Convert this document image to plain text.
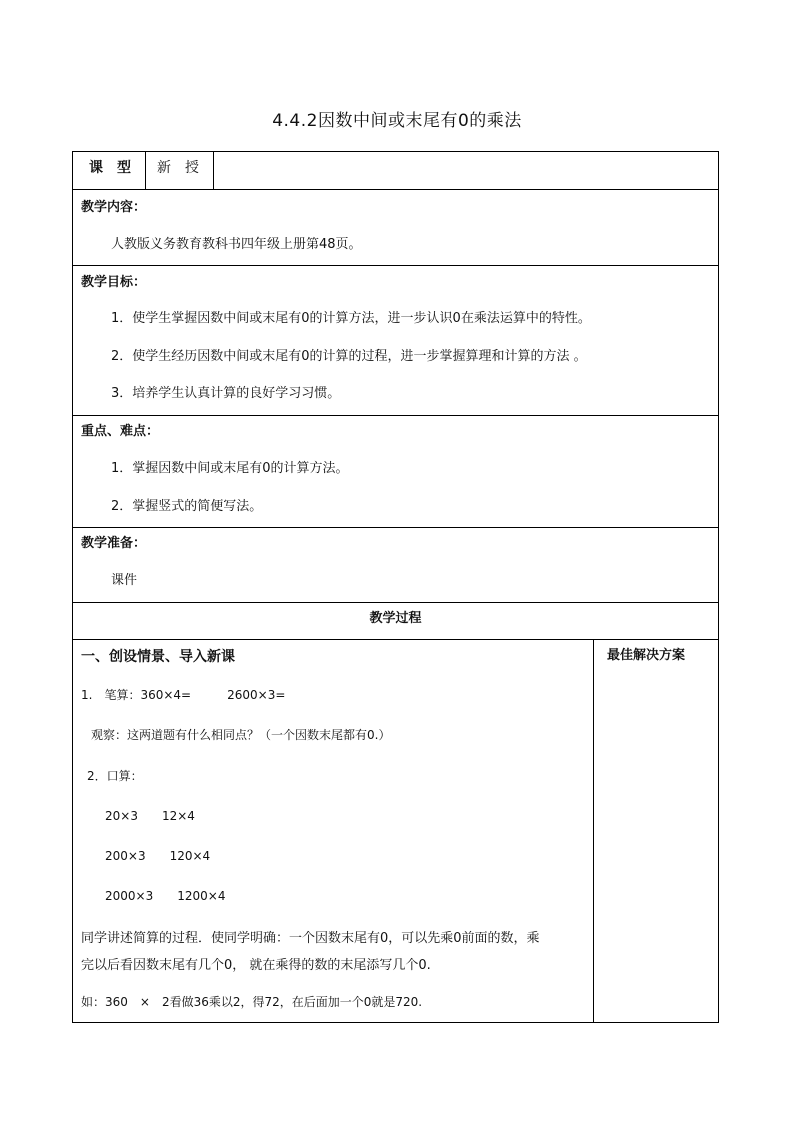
4.4.2因数中间或末尾有0的乘法
课　型 新　授
教学内容：
人教版义务教育教科书四年级上册第48页。
教学目标：
1．使学生掌握因数中间或末尾有0的计算方法，进一步认识0在乘法运算中的特性。
2．使学生经历因数中间或末尾有0的计算的过程，进一步掌握算理和计算的方法 。
3．培养学生认真计算的良好学习习惯。
重点、难点：
1．掌握因数中间或末尾有0的计算方法。
2．掌握竖式的简便写法。
教学准备：
课件
教学过程
一、创设情景、导入新课	最佳解决方案
1.　笔算：360×4=　　　2600×3=
观察：这两道题有什么相同点？（一个因数末尾都有0.）
2．口算：
20×3　　12×4
200×3　　120×4
2000×3　　1200×4
同学讲述简算的过程．使同学明确：一个因数末尾有0，可以先乘0前面的数，乘
完以后看因数末尾有几个0， 就在乘得的数的末尾添写几个0.
如：360　×　2看做36乘以2，得72，在后面加一个0就是720.
